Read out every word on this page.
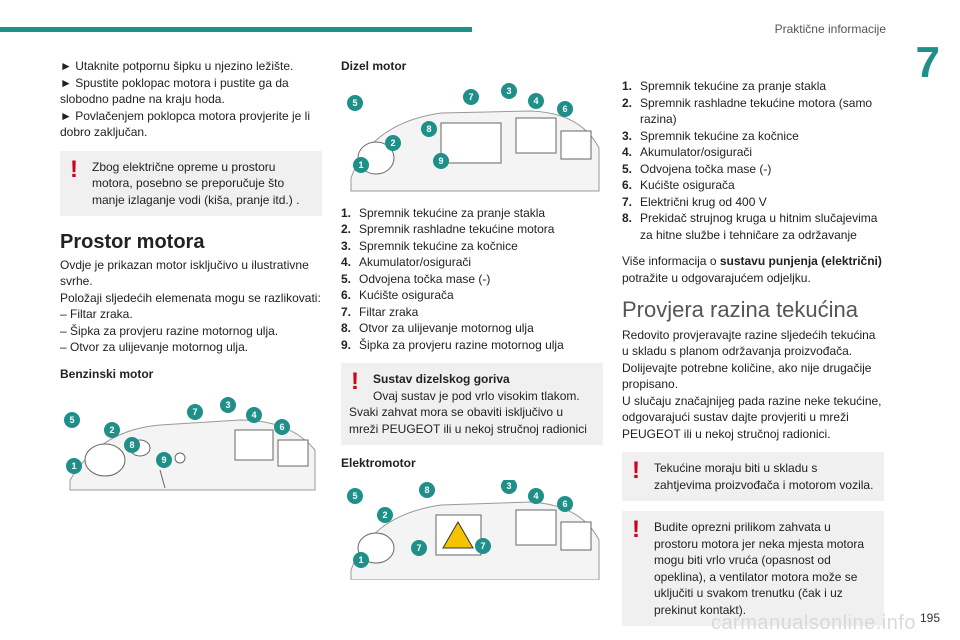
Praktične informacije
7

► Utaknite potpornu šipku u njezino ležište.

► Spustite poklopac motora i pustite ga da slobodno padne na kraju hoda.

► Povlačenjem poklopca motora provjerite je li dobro zaključan.

!	Zbog električne opreme u prostoru motora, posebno se preporučuje što manje izlaganje vodi (kiša, pranje itd.) .

Prostor motora

Ovdje je prikazan motor isključivo u ilustrativne svrhe.

Položaji sljedećih elemenata mogu se razlikovati:

– Filtar zraka.

– Šipka za provjeru razine motornog ulja.

– Otvor za ulijevanje motornog ulja.

Benzinski motor
5
2
8
1
9
7
3
4
6
Dizel motor
5
7
3
4
6
8
2
1	9
1. Spremnik tekućine za pranje stakla
2. Spremnik rashladne tekućine motora
3. Spremnik tekućine za kočnice
4. Akumulator/osigurači
5. Odvojena točka mase (-)
6. Kućište osigurača
7. Filtar zraka
8. Otvor za ulijevanje motornog ulja
9. Šipka za provjeru razine motornog ulja
!	Sustav dizelskog goriva

Ovaj sustav je pod vrlo visokim tlakom.

Svaki zahvat mora se obaviti isključivo u mreži PEUGEOT ili u nekoj stručnoj radionici

Elektromotor
5
8	3
4
6
2
1
7	7
1. Spremnik tekućine za pranje stakla
2. Spremnik rashladne tekućine motora (samo razina)
3. Spremnik tekućine za kočnice
4. Akumulator/osigurači
5. Odvojena točka mase (-)
6. Kućište osigurača
7. Električni krug od 400 V
8. Prekidač strujnog kruga u hitnim slučajevima za hitne službe i tehničare za održavanje

Više informacija o sustavu punjenja (električni) potražite u odgovarajućem odjeljku.

Provjera razina tekućina

Redovito provjeravajte razine sljedećih tekućina u skladu s planom održavanja proizvođača.

Dolijevajte potrebne količine, ako nije drugačije propisano.

U slučaju značajnijeg pada razine neke tekućine, odgovarajući sustav dajte provjeriti u mreži PEUGEOT ili u nekoj stručnoj radionici.

!	Tekućine moraju biti u skladu s zahtjevima proizvođača i motorom vozila.

!	Budite oprezni prilikom zahvata u prostoru motora jer neka mjesta motora mogu biti vrlo vruća (opasnost od opeklina), a ventilator motora može se uključiti u svakom trenutku (čak i uz prekinut kontakt).

carmanualsonline.info 195
